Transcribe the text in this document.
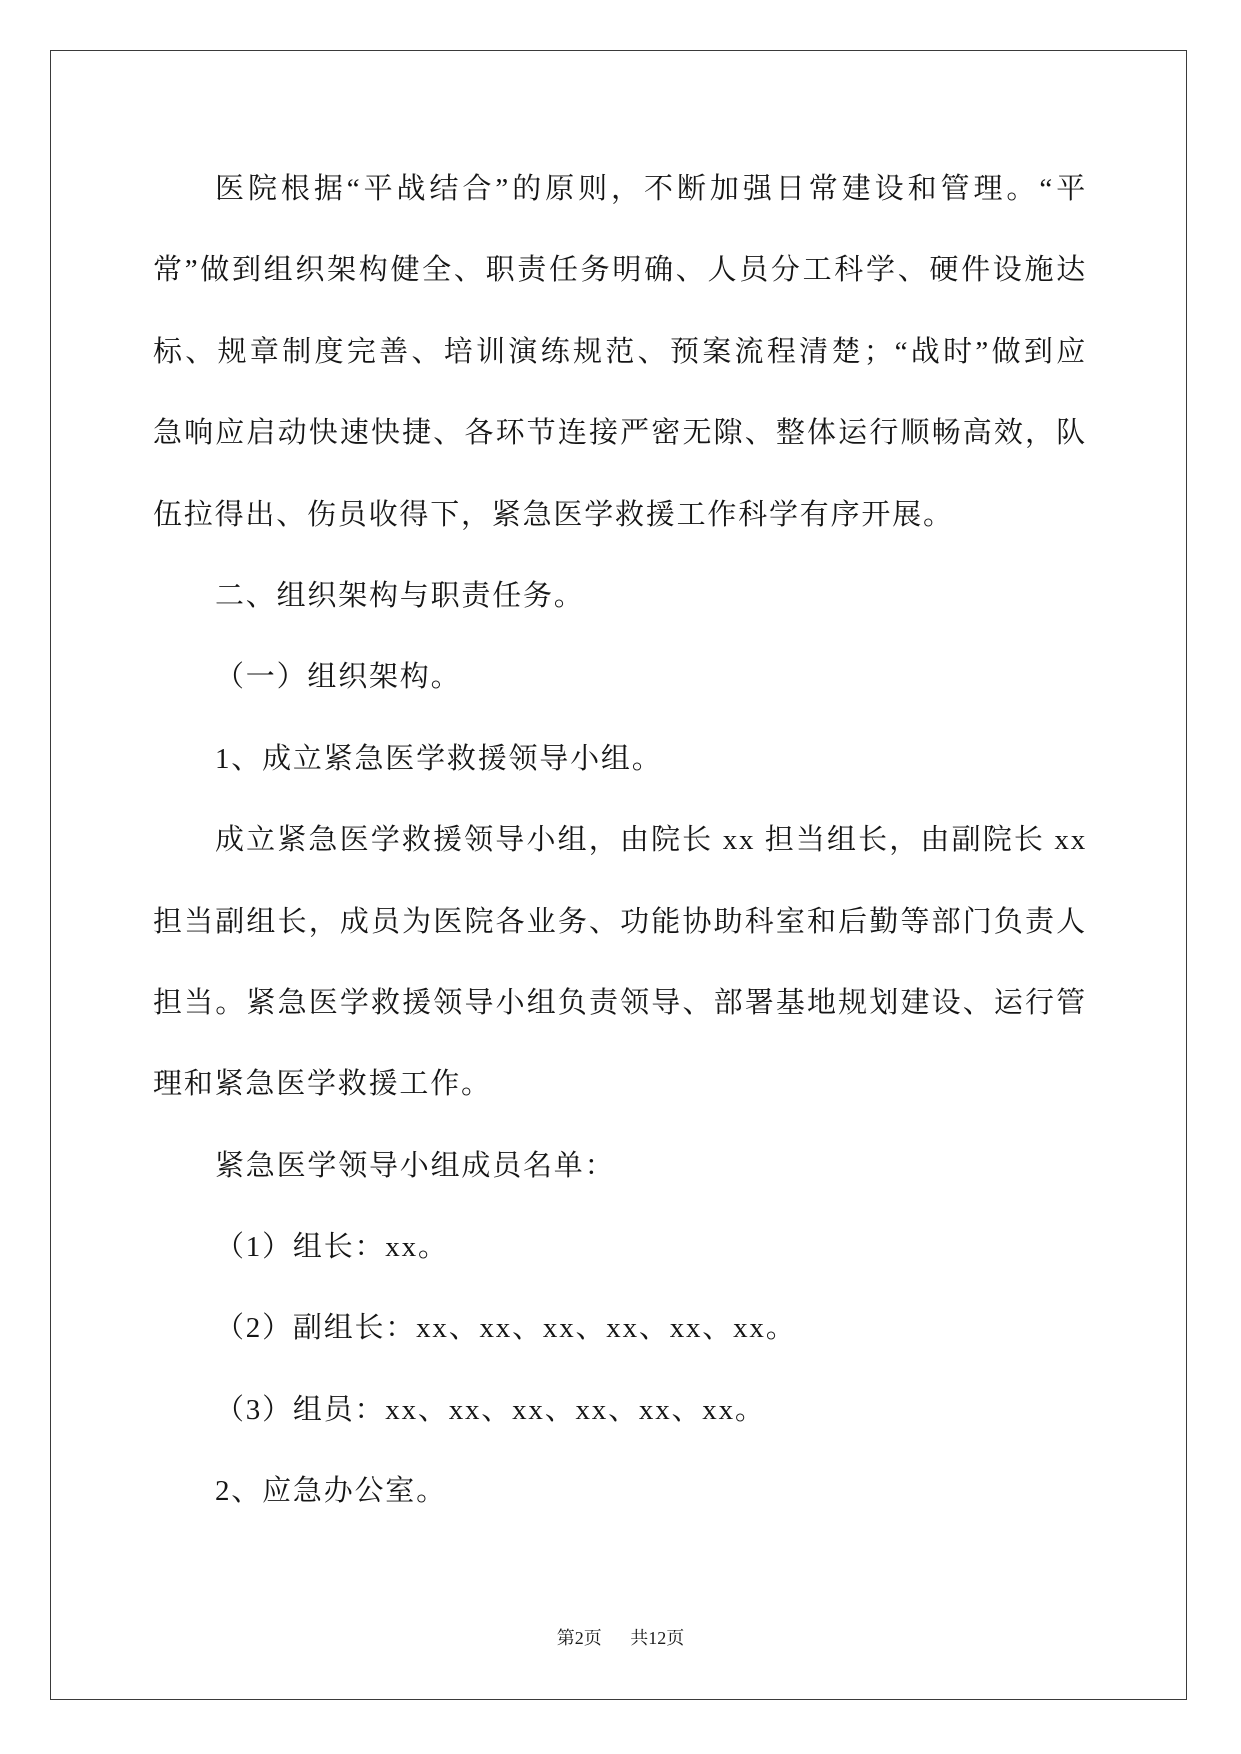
医院根据“平战结合”的原则，不断加强日常建设和管理。“平
常”做到组织架构健全、职责任务明确、人员分工科学、硬件设施达
标、规章制度完善、培训演练规范、预案流程清楚；“战时”做到应
急响应启动快速快捷、各环节连接严密无隙、整体运行顺畅高效，队
伍拉得出、伤员收得下，紧急医学救援工作科学有序开展。

二、组织架构与职责任务。

（一）组织架构。

1、成立紧急医学救援领导小组。

成立紧急医学救援领导小组，由院长 xx 担当组长，由副院长 xx
担当副组长，成员为医院各业务、功能协助科室和后勤等部门负责人
担当。紧急医学救援领导小组负责领导、部署基地规划建设、运行管
理和紧急医学救援工作。

紧急医学领导小组成员名单：

（1）组长：xx。

（2）副组长：xx、xx、xx、xx、xx、xx。

（3）组员：xx、xx、xx、xx、xx、xx。

2、应急办公室。

第2页 共12页
